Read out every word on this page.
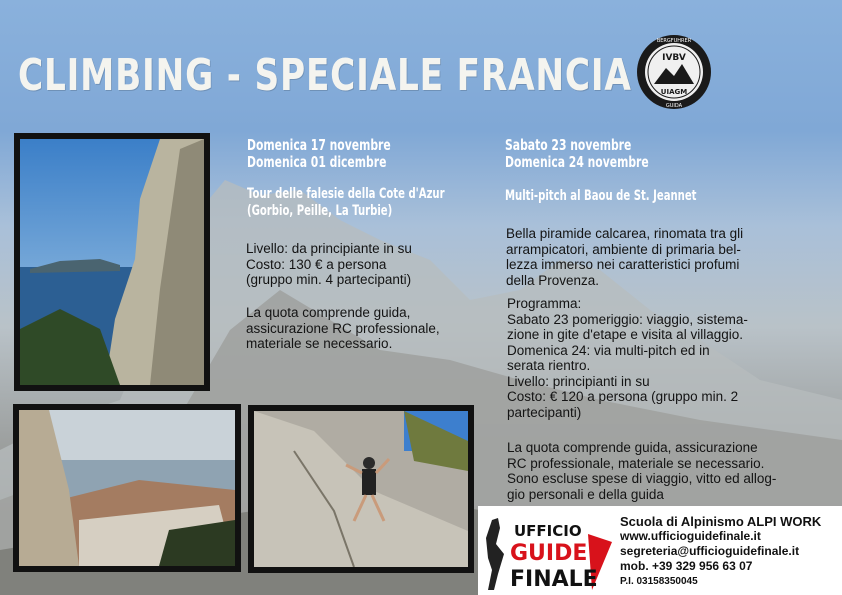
CLIMBING - SPECIALE FRANCIA
BERGFUHRER
GUIDA
IVBV
UIAGM
Domenica 17 novembre
Domenica 01 dicembre
Tour delle falesie della Cote d'Azur
(Gorbio, Peille, La Turbie)
Livello: da principiante in su
Costo: 130 € a persona
(gruppo min. 4 partecipanti)
La quota comprende guida,
assicurazione RC professionale,
materiale se necessario.
Sabato 23 novembre
Domenica 24 novembre
Multi-pitch al Baou de St. Jeannet
Bella piramide calcarea, rinomata tra gli
arrampicatori, ambiente di primaria bel-
lezza immerso nei caratteristici profumi
della Provenza.
Programma:
Sabato 23 pomeriggio: viaggio, sistema-
zione in gite d'etape e visita al villaggio.
Domenica 24: via multi-pitch ed in
serata rientro.
Livello: principianti in su
Costo: € 120 a persona (gruppo min. 2
partecipanti)
La quota comprende guida, assicurazione
RC professionale, materiale se necessario.
Sono escluse spese di viaggio, vitto ed allog-
gio personali e della guida
UFFICIO
GUIDE
FINALE
Scuola di Alpinismo ALPI WORK
www.ufficioguidefinale.it
segreteria@ufficioguidefinale.it
mob. +39 329 956 63 07
P.I. 03158350045
